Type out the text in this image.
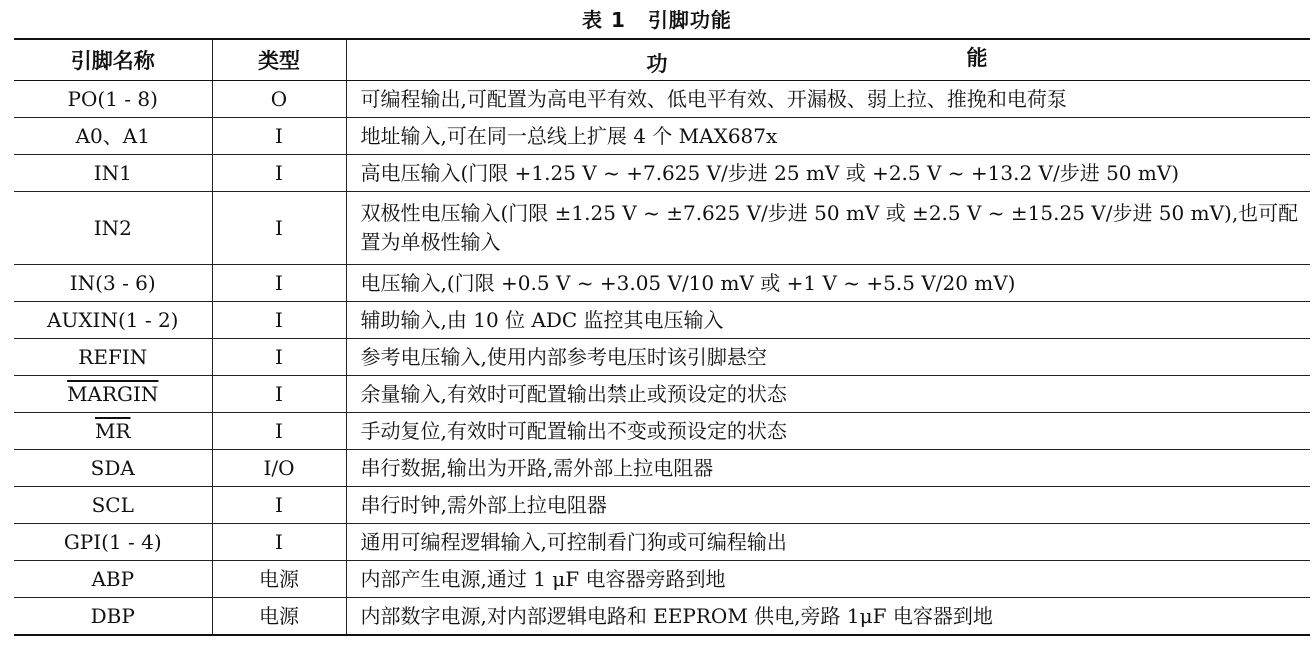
表 1 引脚功能
引脚名称	类型	功 能

PO(1 - 8)	O	可编程输出,可配置为高电平有效、低电平有效、开漏极、弱上拉、推挽和电荷泵
A0、A1	I	地址输入,可在同一总线上扩展 4 个 MAX687x
IN1	I	高电压输入(门限 +1.25 V ~ +7.625 V/步进 25 mV 或 +2.5 V ~ +13.2 V/步进 50 mV)
IN2	I	双极性电压输入(门限 ±1.25 V ~ ±7.625 V/步进 50 mV 或 ±2.5 V ~ ±15.25 V/步进 50 mV),也可配置为单极性输入
IN(3 - 6)	I	电压输入,(门限 +0.5 V ~ +3.05 V/10 mV 或 +1 V ~ +5.5 V/20 mV)
AUXIN(1 - 2)	I	辅助输入,由 10 位 ADC 监控其电压输入
REFIN	I	参考电压输入,使用内部参考电压时该引脚悬空
MARGIN	I	余量输入,有效时可配置输出禁止或预设定的状态
$\overline{MR}$	I	手动复位,有效时可配置输出不变或预设定的状态
SDA	I/O	串行数据,输出为开路,需外部上拉电阻器
SCL	I	串行时钟,需外部上拉电阻器
GPI(1 - 4)	I	通用可编程逻辑输入,可控制看门狗或可编程输出
ABP	电源	内部产生电源,通过 1 μF 电容器旁路到地
DBP	电源	内部数字电源,对内部逻辑电路和 EEPROM 供电,旁路 1μF 电容器到地
